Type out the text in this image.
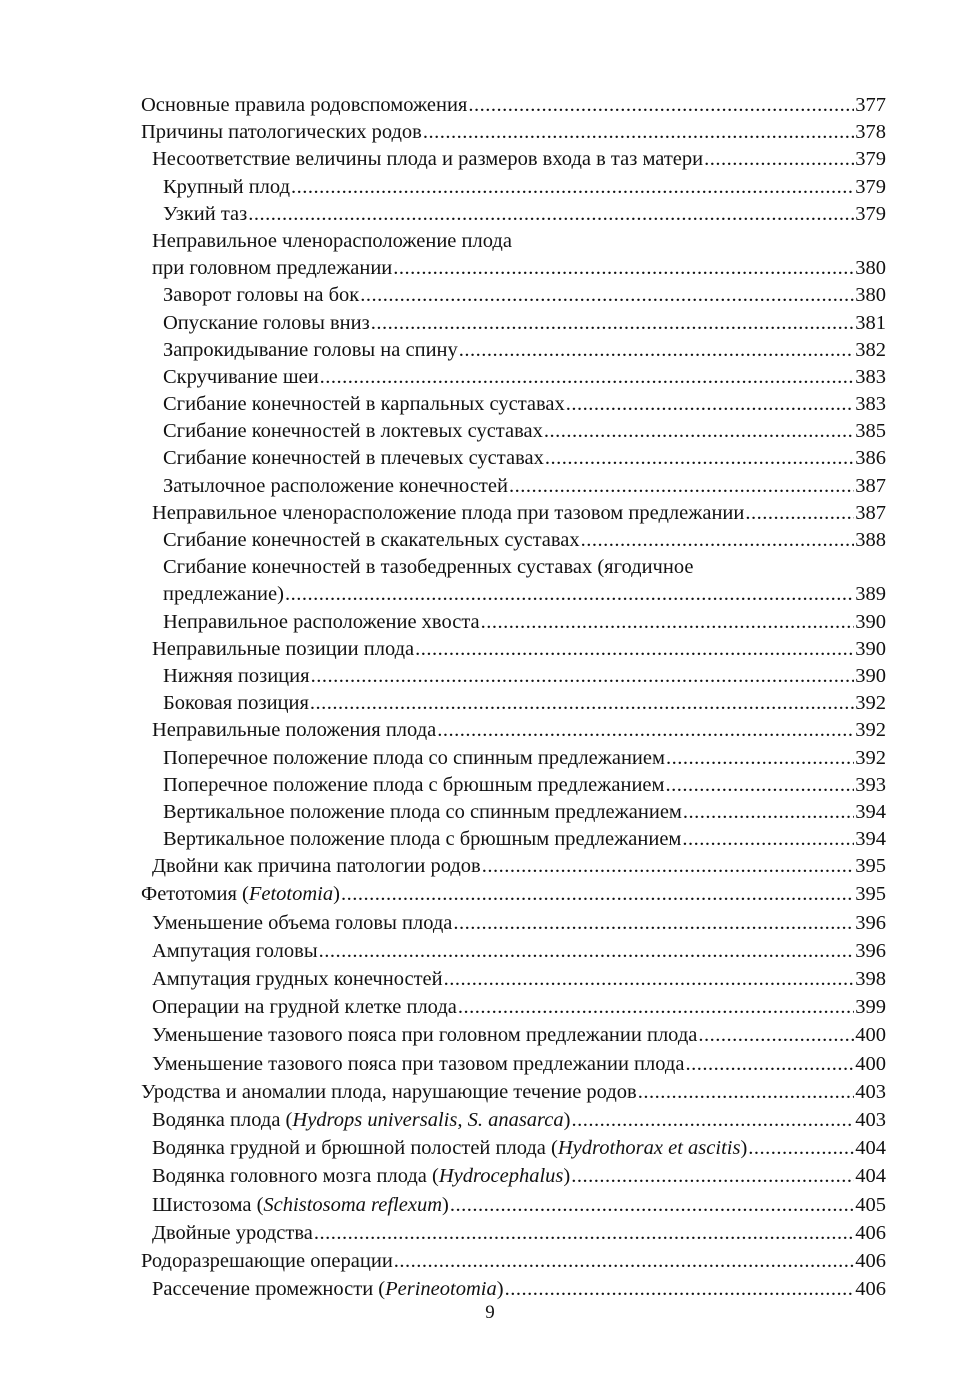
Основные правила родовспоможения .....	377
Причины патологических родов .....	378
Несоответствие величины плода и размеров входа в таз матери .....	379
Крупный плод .....	379
Узкий таз .....	379
Неправильное членорасположение плода
при головном предлежании .....	380
Заворот головы на бок .....	380
Опускание головы вниз .....	381
Запрокидывание головы на спину .....	382
Скручивание шеи .....	383
Сгибание конечностей в карпальных суставах .....	383
Сгибание конечностей в локтевых суставах .....	385
Сгибание конечностей в плечевых суставах .....	386
Затылочное расположение конечностей .....	387
Неправильное членорасположение плода при тазовом предлежании .....	387
Сгибание конечностей в скакательных суставах .....	388
Сгибание конечностей в тазобедренных суставах (ягодичное
предлежание) .....	389
Неправильное расположение хвоста .....	390
Неправильные позиции плода .....	390
Нижняя позиция .....	390
Боковая позиция .....	392
Неправильные положения плода .....	392
Поперечное положение плода со спинным предлежанием .....	392
Поперечное положение плода с брюшным предлежанием .....	393
Вертикальное положение плода со спинным предлежанием .....	394
Вертикальное положение плода с брюшным предлежанием .....	394
Двойни как причина патологии родов .....	395
Фетотомия (Fetotomia) .....	395
Уменьшение объема головы плода .....	396
Ампутация головы .....	396
Ампутация грудных конечностей .....	398
Операции на грудной клетке плода .....	399
Уменьшение тазового пояса при головном предлежании плода .....	400
Уменьшение тазового пояса при тазовом предлежании плода .....	400
Уродства и аномалии плода, нарушающие течение родов .....	403
Водянка плода (Hydrops universalis, S. anasarca) .....	403
Водянка грудной и брюшной полостей плода (Hydrothorax et ascitis) .....	404
Водянка головного мозга плода (Hydrocephalus) .....	404
Шистозома (Schistosoma reflexum) .....	405
Двойные уродства .....	406
Родоразрешающие операции .....	406
Рассечение промежности (Perineotomia) .....	406
9
